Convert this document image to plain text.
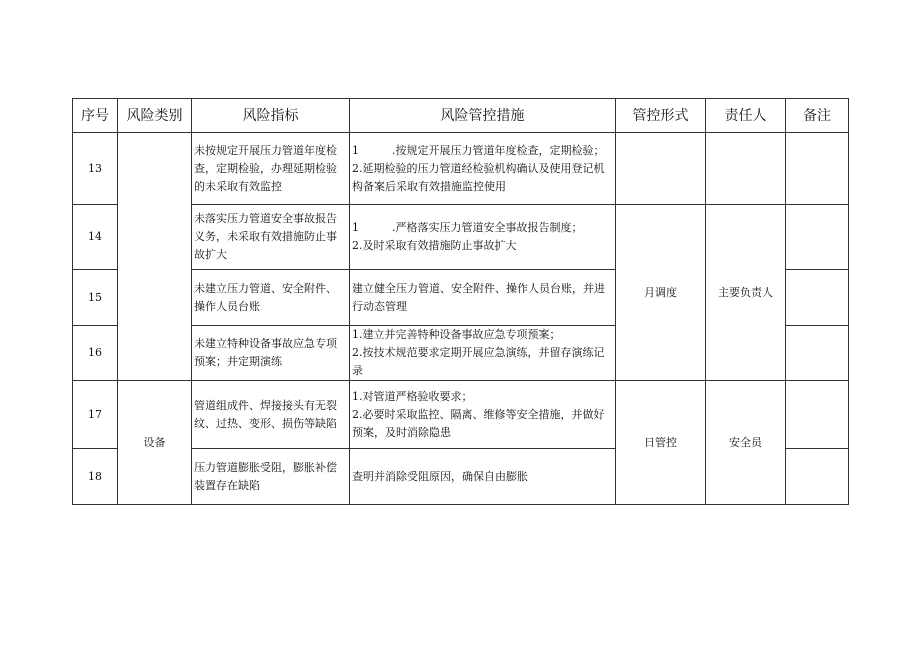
序号	风险类别	风险指标	风险管控措施	管控形式	责任人	备注
13		未按规定开展压力管道年度检查，定期检验，办理延期检验的未采取有效监控	1　　　.按规定开展压力管道年度检查，定期检验；
2.延期检验的压力管道经检验机构确认及使用登记机构备案后采取有效措施监控使用			

14		未落实压力管道安全事故报告义务，未采取有效措施防止事故扩大	1　　　.严格落实压力管道安全事故报告制度；
2.及时采取有效措施防止事故扩大	月调度	主要负责人	
15		未建立压力管道、安全附件、操作人员台账	建立健全压力管道、安全附件、操作人员台账，并进行动态管理			

16		未建立特种设备事故应急专项预案；并定期演练	1.建立并完善特种设备事故应急专项预案；
2.按技术规范要求定期开展应急演练，并留存演练记录			

17	设备	管道组成件、焊接接头有无裂纹、过热、变形、损伤等缺陷	1.对管道严格验收要求；
2.必要时采取监控、隔离、维修等安全措施，并做好预案，及时消除隐患	日管控	安全员	
18		压力管道膨胀受阻，膨胀补偿装置存在缺陷	查明并消除受阻原因，确保自由膨胀			
